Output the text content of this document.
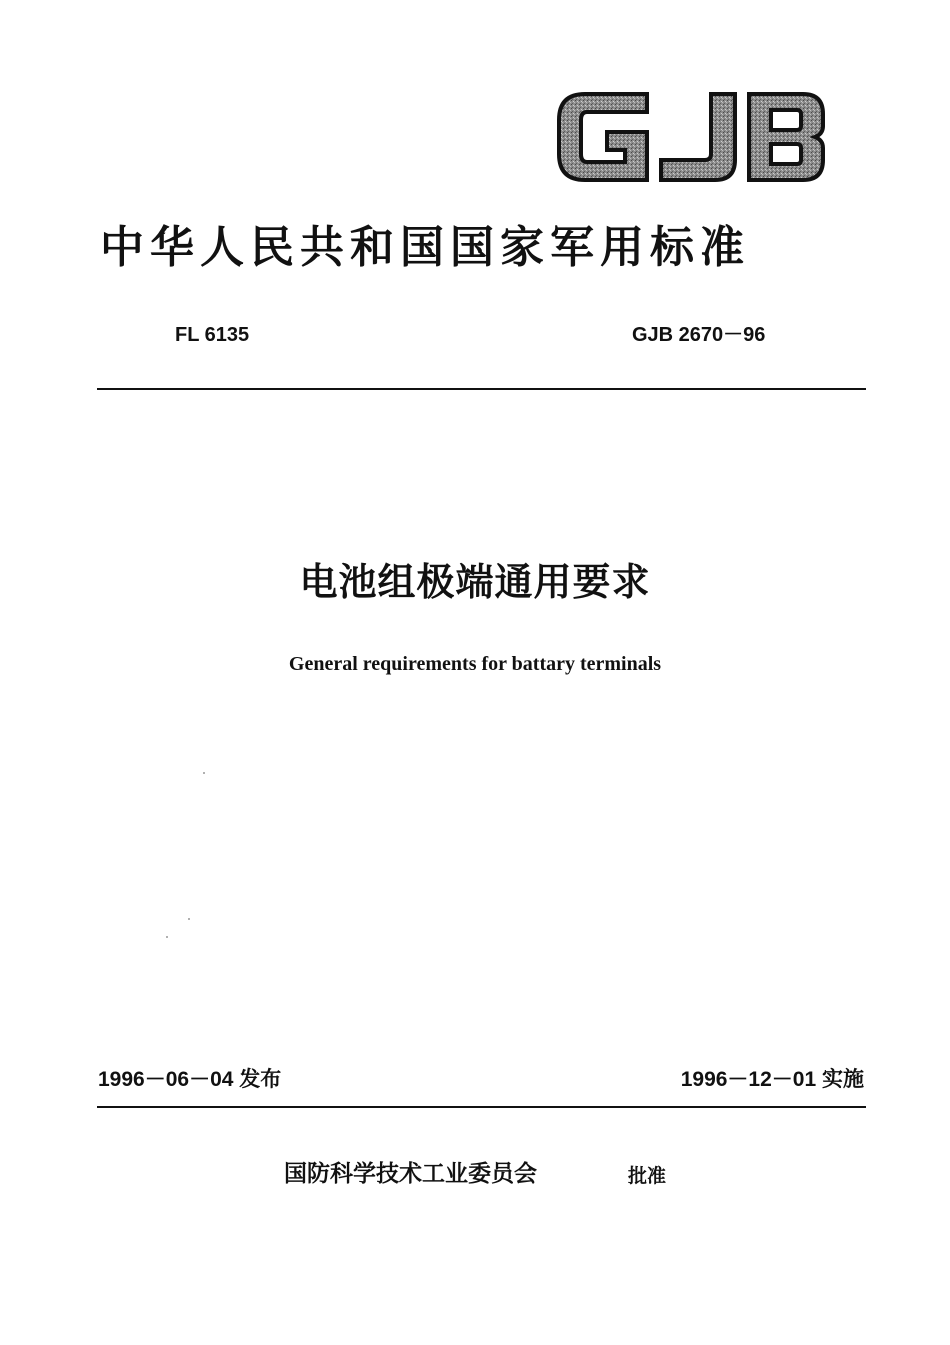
中华人民共和国国家军用标准
FL 6135	GJB 2670－96
电池组极端通用要求

General requirements for battary terminals

1996－06－04 发布	1996－12－01 实施
国防科学技术工业委员会	批准
